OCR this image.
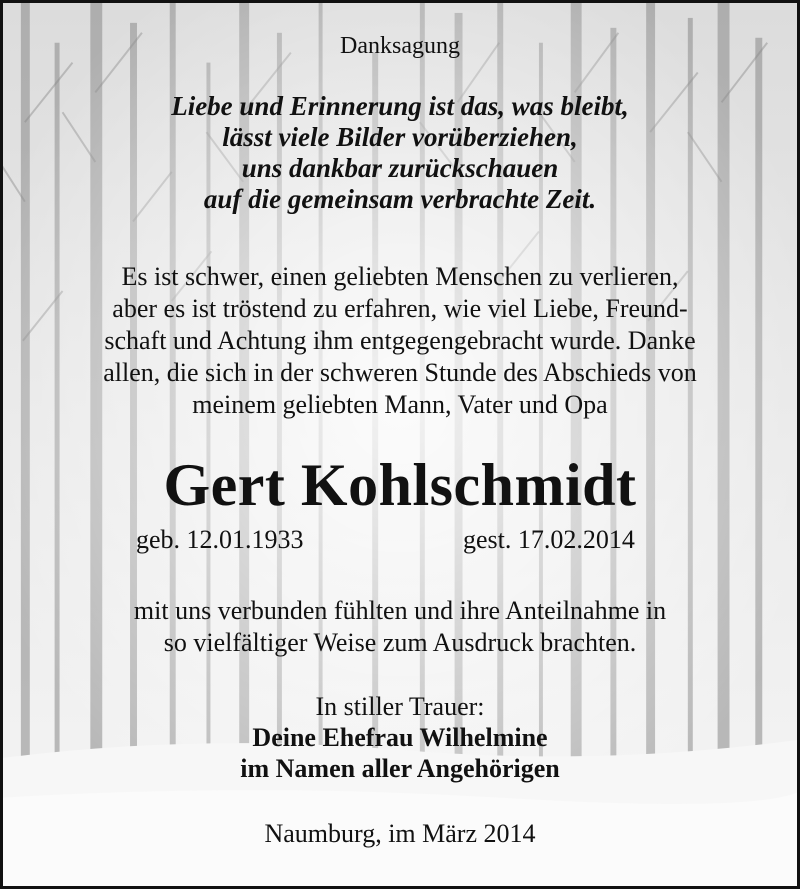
Danksagung
Liebe und Erinnerung ist das, was bleibt,
lässt viele Bilder vorüberziehen,
uns dankbar zurückschauen
auf die gemeinsam verbrachte Zeit.
Es ist schwer, einen geliebten Menschen zu verlieren,
aber es ist tröstend zu erfahren, wie viel Liebe, Freund-
schaft und Achtung ihm entgegengebracht wurde. Danke
allen, die sich in der schweren Stunde des Abschieds von
meinem geliebten Mann, Vater und Opa
Gert Kohlschmidt
geb. 12.01.1933	gest. 17.02.2014
mit uns verbunden fühlten und ihre Anteilnahme in
so vielfältiger Weise zum Ausdruck brachten.
In stiller Trauer:
Deine Ehefrau Wilhelmine
im Namen aller Angehörigen
Naumburg, im März 2014
